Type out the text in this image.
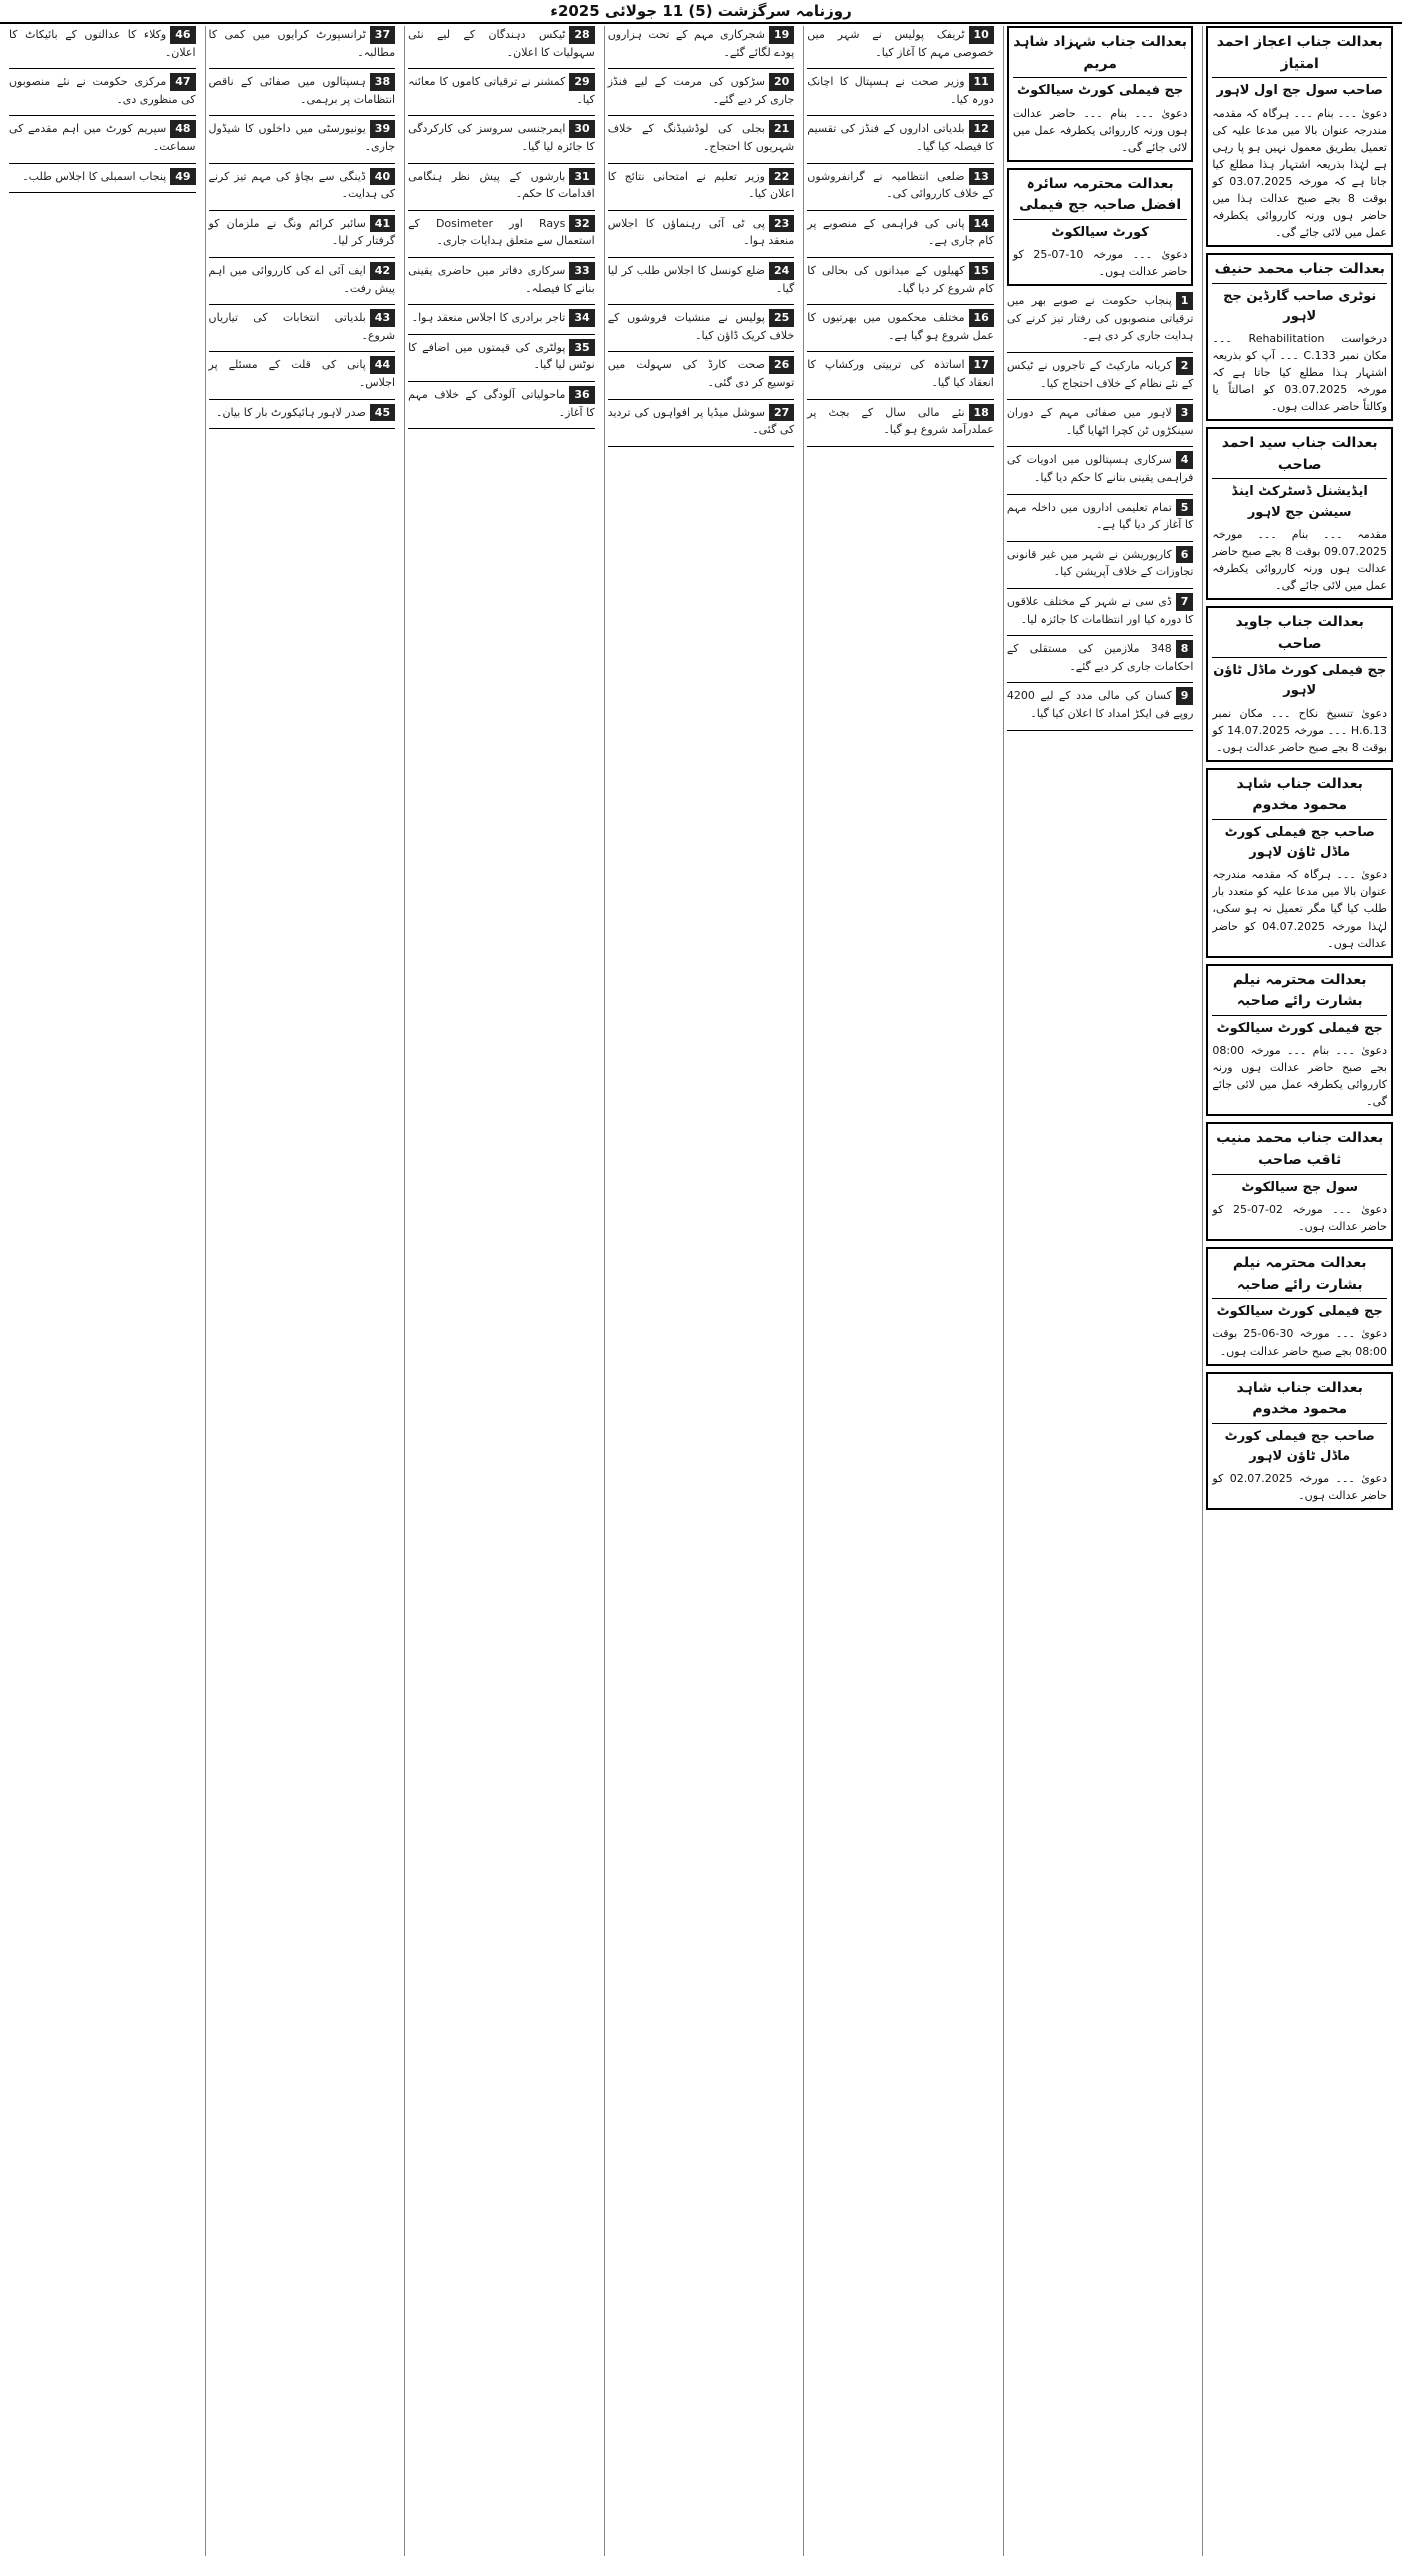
روزنامہ سرگزشت (5) 11 جولائی 2025ء
بعدالت جناب اعجاز احمد امتیاز
صاحب سول جج اول لاہور
دعویٰ ۔۔۔ بنام ۔۔۔ ہرگاہ کہ مقدمہ مندرجہ عنوان بالا میں مدعا علیہ کی تعمیل بطریق معمول نہیں ہو پا رہی ہے لہٰذا بذریعہ اشتہار ہذا مطلع کیا جاتا ہے کہ مورخہ 03.07.2025 کو بوقت 8 بجے صبح عدالت ہذا میں حاضر ہوں ورنہ کارروائی یکطرفہ عمل میں لائی جائے گی۔
بعدالت جناب محمد حنیف
نوٹری صاحب گارڈین جج لاہور
درخواست Rehabilitation ۔۔۔ مکان نمبر 133.C ۔۔۔ آپ کو بذریعہ اشتہار ہذا مطلع کیا جاتا ہے کہ مورخہ 03.07.2025 کو اصالتاً یا وکالتاً حاضر عدالت ہوں۔
بعدالت جناب سید احمد صاحب
ایڈیشنل ڈسٹرکٹ اینڈ سیشن جج لاہور
مقدمہ ۔۔۔ بنام ۔۔۔ مورخہ 09.07.2025 بوقت 8 بجے صبح حاضر عدالت ہوں ورنہ کارروائی یکطرفہ عمل میں لائی جائے گی۔
بعدالت جناب جاوید صاحب
جج فیملی کورٹ ماڈل ٹاؤن لاہور
دعویٰ تنسیخ نکاح ۔۔۔ مکان نمبر 13.H.6 ۔۔۔ مورخہ 14.07.2025 کو بوقت 8 بجے صبح حاضر عدالت ہوں۔
بعدالت جناب شاہد محمود مخدوم
صاحب جج فیملی کورٹ ماڈل ٹاؤن لاہور
دعویٰ ۔۔۔ ہرگاہ کہ مقدمہ مندرجہ عنوان بالا میں مدعا علیہ کو متعدد بار طلب کیا گیا مگر تعمیل نہ ہو سکی، لہٰذا مورخہ 04.07.2025 کو حاضر عدالت ہوں۔
بعدالت محترمہ نیلم بشارت رائے صاحبہ
جج فیملی کورٹ سیالکوٹ
دعویٰ ۔۔۔ بنام ۔۔۔ مورخہ 08:00 بجے صبح حاضر عدالت ہوں ورنہ کارروائی یکطرفہ عمل میں لائی جائے گی۔
بعدالت جناب محمد منیب ثاقب صاحب
سول جج سیالکوٹ
دعویٰ ۔۔۔ مورخہ 02-07-25 کو حاضر عدالت ہوں۔
بعدالت محترمہ نیلم بشارت رائے صاحبہ
جج فیملی کورٹ سیالکوٹ
دعویٰ ۔۔۔ مورخہ 30-06-25 بوقت 08:00 بجے صبح حاضر عدالت ہوں۔
بعدالت جناب شاہد محمود مخدوم
صاحب جج فیملی کورٹ ماڈل ٹاؤن لاہور
دعویٰ ۔۔۔ مورخہ 02.07.2025 کو حاضر عدالت ہوں۔
بعدالت جناب شہزاد شاہد مریم
جج فیملی کورٹ سیالکوٹ
دعویٰ ۔۔۔ بنام ۔۔۔ حاضر عدالت ہوں ورنہ کارروائی یکطرفہ عمل میں لائی جائے گی۔
بعدالت محترمہ سائرہ افضل صاحبہ جج فیملی
کورٹ سیالکوٹ
دعویٰ ۔۔۔ مورخہ 10-07-25 کو حاضر عدالت ہوں۔
1پنجاب حکومت نے صوبے بھر میں ترقیاتی منصوبوں کی رفتار تیز کرنے کی ہدایت جاری کر دی ہے۔
2کریانہ مارکیٹ کے تاجروں نے ٹیکس کے نئے نظام کے خلاف احتجاج کیا۔
3لاہور میں صفائی مہم کے دوران سینکڑوں ٹن کچرا اٹھایا گیا۔
4سرکاری ہسپتالوں میں ادویات کی فراہمی یقینی بنانے کا حکم دیا گیا۔
5تمام تعلیمی اداروں میں داخلہ مہم کا آغاز کر دیا گیا ہے۔
6کارپوریشن نے شہر میں غیر قانونی تجاوزات کے خلاف آپریشن کیا۔
7ڈی سی نے شہر کے مختلف علاقوں کا دورہ کیا اور انتظامات کا جائزہ لیا۔
8348 ملازمین کی مستقلی کے احکامات جاری کر دیے گئے۔
9کسان کی مالی مدد کے لیے 4200 روپے فی ایکڑ امداد کا اعلان کیا گیا۔
10ٹریفک پولیس نے شہر میں خصوصی مہم کا آغاز کیا۔
11وزیر صحت نے ہسپتال کا اچانک دورہ کیا۔
12بلدیاتی اداروں کے فنڈز کی تقسیم کا فیصلہ کیا گیا۔
13ضلعی انتظامیہ نے گرانفروشوں کے خلاف کارروائی کی۔
14پانی کی فراہمی کے منصوبے پر کام جاری ہے۔
15کھیلوں کے میدانوں کی بحالی کا کام شروع کر دیا گیا۔
16مختلف محکموں میں بھرتیوں کا عمل شروع ہو گیا ہے۔
17اساتذہ کی تربیتی ورکشاپ کا انعقاد کیا گیا۔
18نئے مالی سال کے بجٹ پر عملدرآمد شروع ہو گیا۔
19شجرکاری مہم کے تحت ہزاروں پودے لگائے گئے۔
20سڑکوں کی مرمت کے لیے فنڈز جاری کر دیے گئے۔
21بجلی کی لوڈشیڈنگ کے خلاف شہریوں کا احتجاج۔
22وزیر تعلیم نے امتحانی نتائج کا اعلان کیا۔
23پی ٹی آئی رہنماؤں کا اجلاس منعقد ہوا۔
24ضلع کونسل کا اجلاس طلب کر لیا گیا۔
25پولیس نے منشیات فروشوں کے خلاف کریک ڈاؤن کیا۔
26صحت کارڈ کی سہولت میں توسیع کر دی گئی۔
27سوشل میڈیا پر افواہوں کی تردید کی گئی۔
28ٹیکس دہندگان کے لیے نئی سہولیات کا اعلان۔
29کمشنر نے ترقیاتی کاموں کا معائنہ کیا۔
30ایمرجنسی سروسز کی کارکردگی کا جائزہ لیا گیا۔
31بارشوں کے پیش نظر ہنگامی اقدامات کا حکم۔
32Rays اور Dosimeter کے استعمال سے متعلق ہدایات جاری۔
33سرکاری دفاتر میں حاضری یقینی بنانے کا فیصلہ۔
34تاجر برادری کا اجلاس منعقد ہوا۔
35پولٹری کی قیمتوں میں اضافے کا نوٹس لیا گیا۔
36ماحولیاتی آلودگی کے خلاف مہم کا آغاز۔
37ٹرانسپورٹ کرایوں میں کمی کا مطالبہ۔
38ہسپتالوں میں صفائی کے ناقص انتظامات پر برہمی۔
39یونیورسٹی میں داخلوں کا شیڈول جاری۔
40ڈینگی سے بچاؤ کی مہم تیز کرنے کی ہدایت۔
41سائبر کرائم ونگ نے ملزمان کو گرفتار کر لیا۔
42ایف آئی اے کی کارروائی میں اہم پیش رفت۔
43بلدیاتی انتخابات کی تیاریاں شروع۔
44پانی کی قلت کے مسئلے پر اجلاس۔
45صدر لاہور ہائیکورٹ بار کا بیان۔
46وکلاء کا عدالتوں کے بائیکاٹ کا اعلان۔
47مرکزی حکومت نے نئے منصوبوں کی منظوری دی۔
48سپریم کورٹ میں اہم مقدمے کی سماعت۔
49پنجاب اسمبلی کا اجلاس طلب۔
